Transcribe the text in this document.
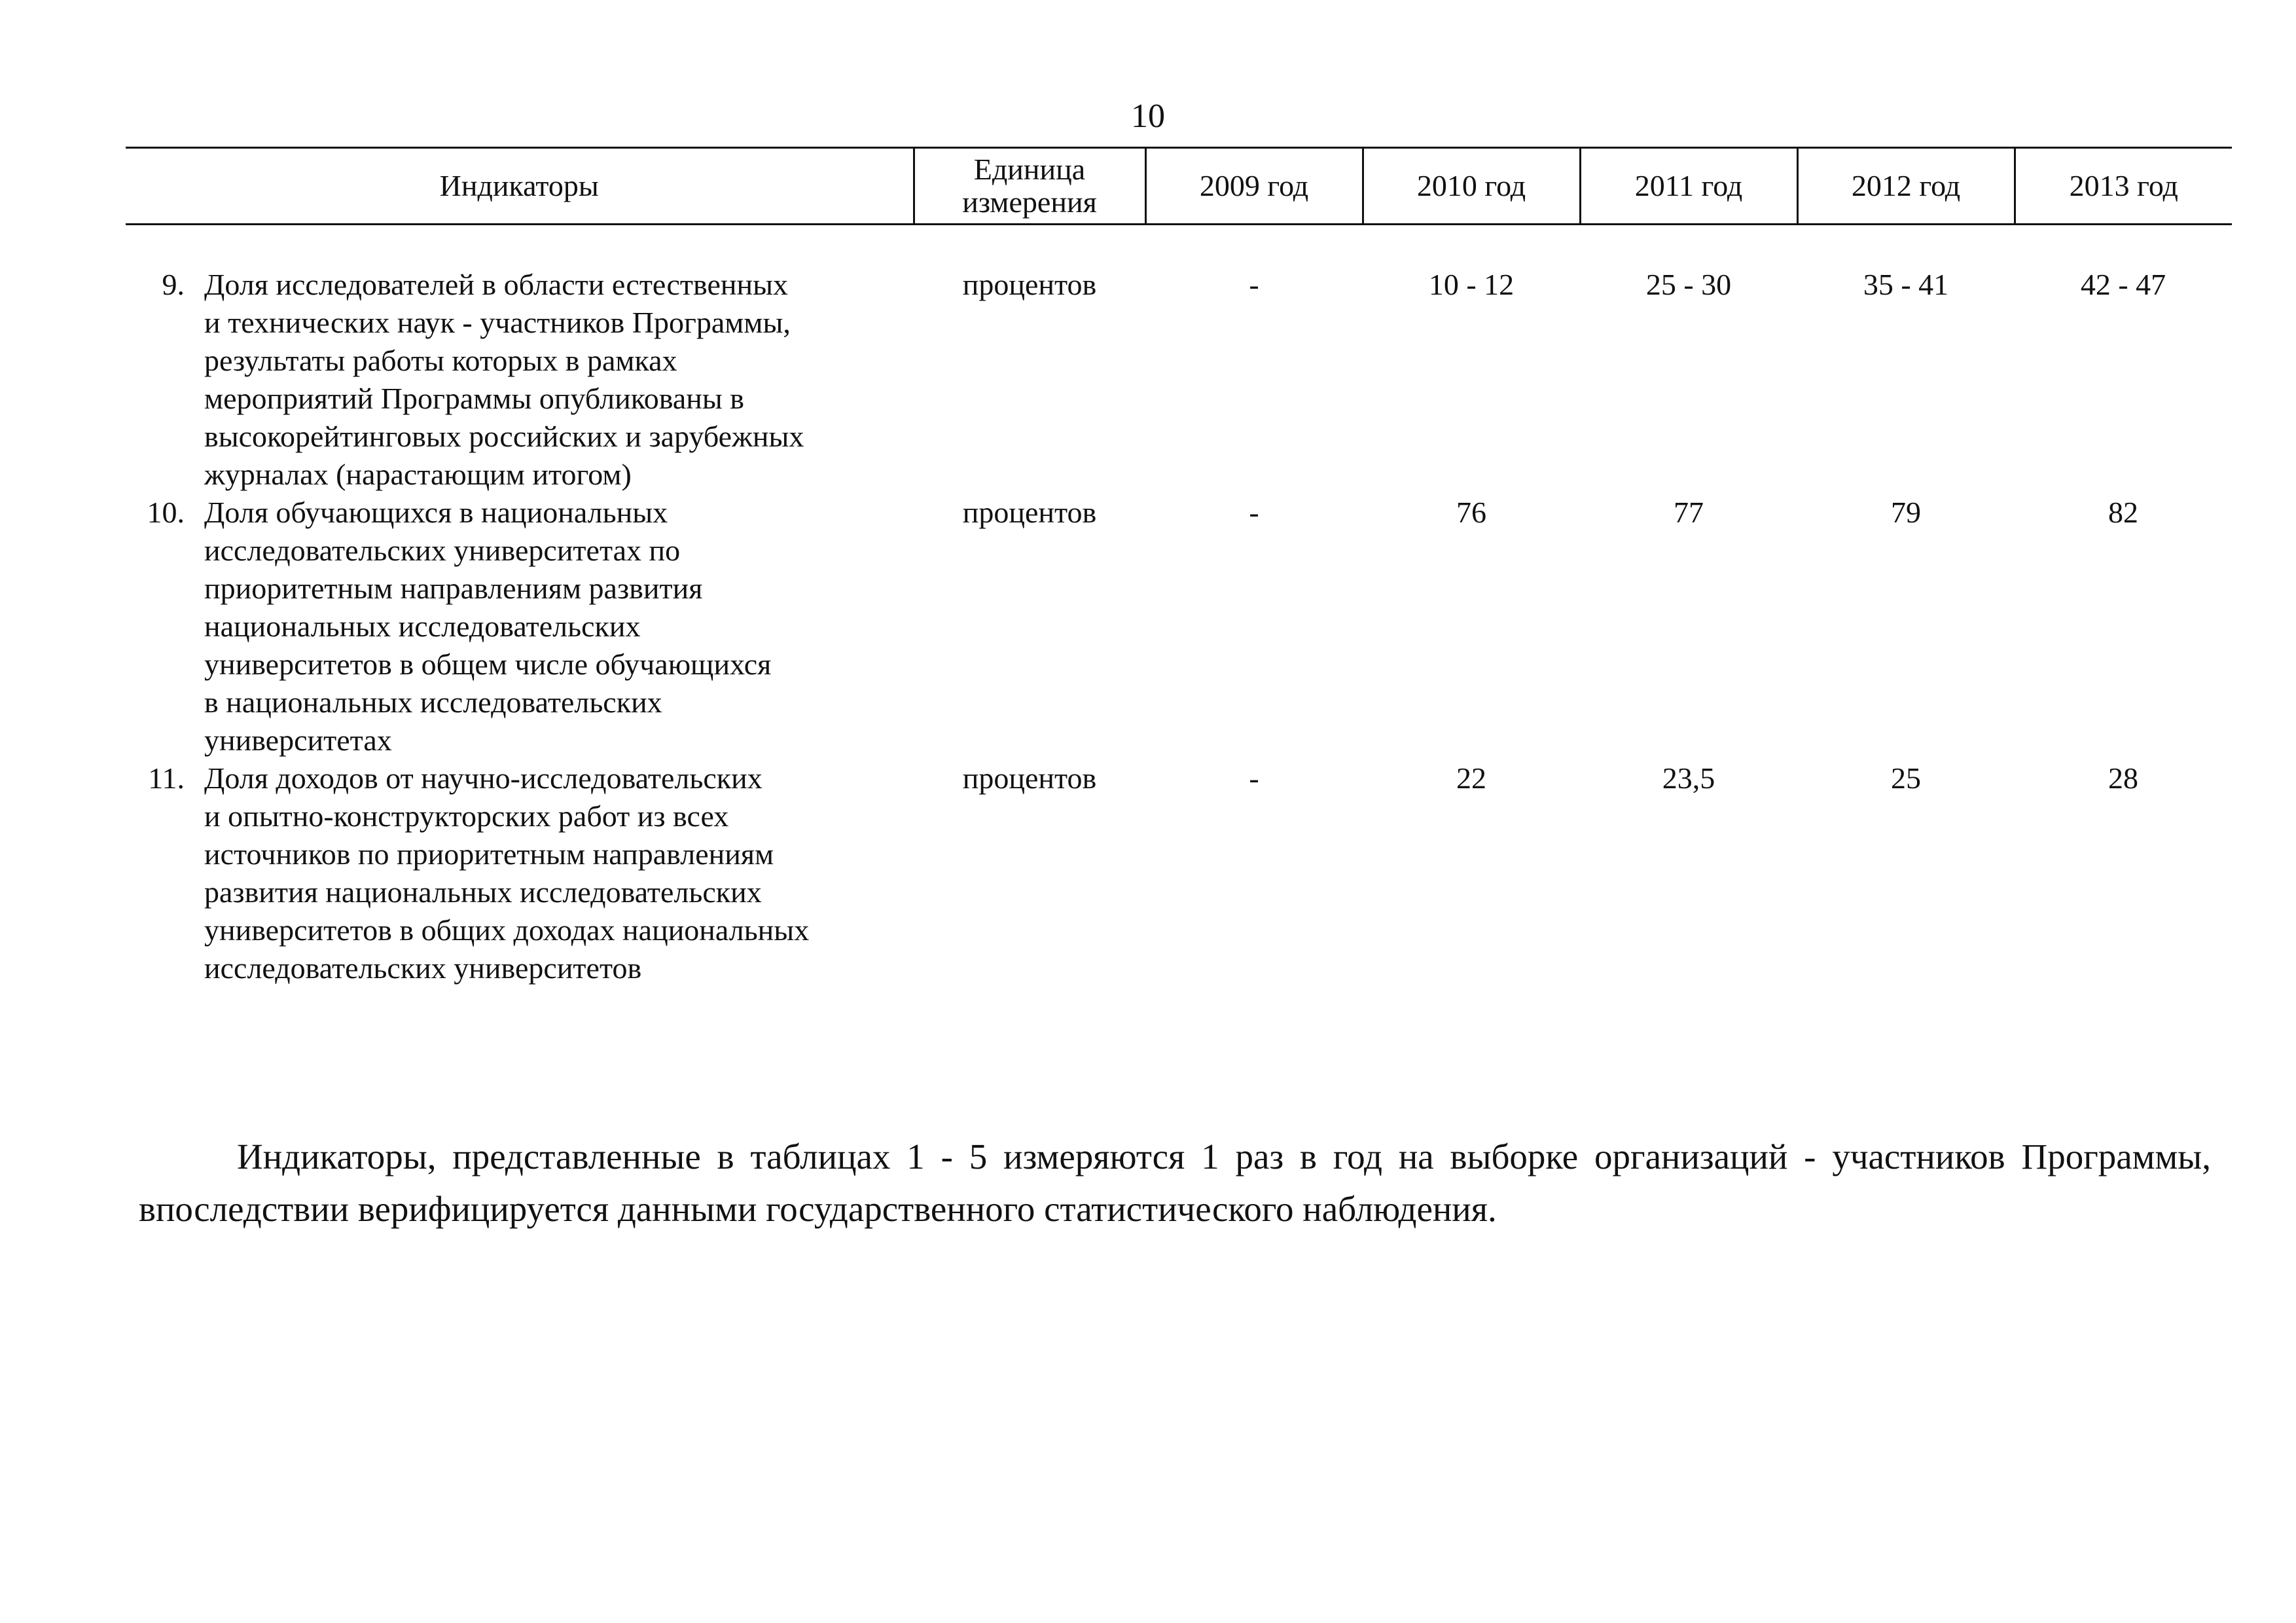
10
Индикаторы	Единица
измерения	2009 год	2010 год	2011 год	2012 год	2013 год

9.	Доля исследователей в области естественных
и технических наук - участников Программы,
результаты работы которых в рамках
мероприятий Программы опубликованы в
высокорейтинговых российских и зарубежных
журналах (нарастающим итогом)
	процентов	-	10 - 12	25 - 30	35 - 41	42 - 47

10.	Доля обучающихся в национальных
исследовательских университетах по
приоритетным направлениям развития
национальных исследовательских
университетов в общем числе обучающихся
в национальных исследовательских
университетах
	процентов	-	76	77	79	82

11.	Доля доходов от научно-исследовательских
и опытно-конструкторских работ из всех
источников по приоритетным направлениям
развития национальных исследовательских
университетов в общих доходах национальных
исследовательских университетов
	процентов	-	22	23,5	25	28

Индикаторы, представленные в таблицах 1 - 5 измеряются 1 раз в год на выборке организаций - участников Программы, впоследствии верифицируется данными государственного статистического наблюдения.
